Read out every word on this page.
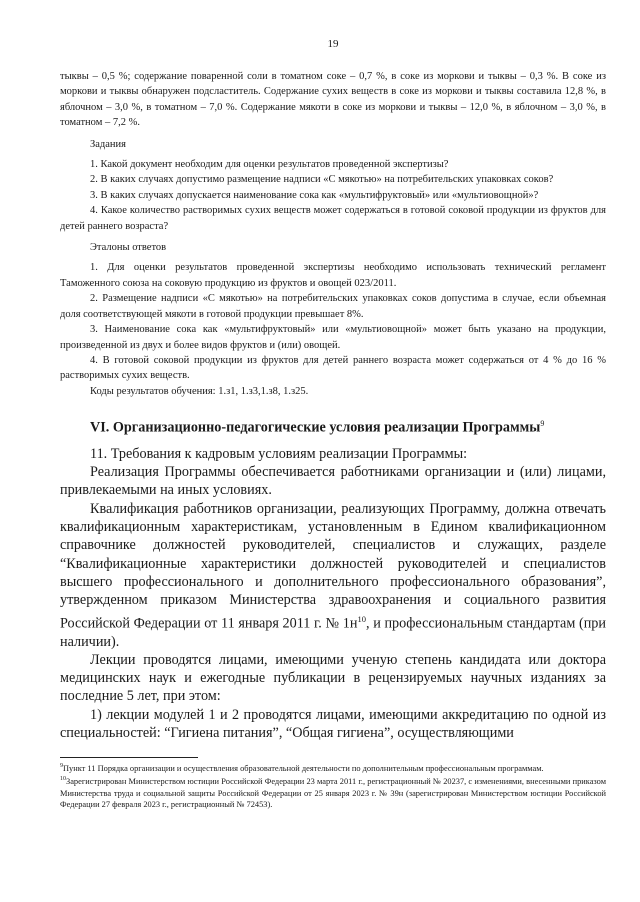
19

тыквы – 0,5 %; содержание поваренной соли в томатном соке – 0,7 %, в соке из моркови и тыквы – 0,3 %. В соке из моркови и тыквы обнаружен подсластитель. Содержание сухих веществ в соке из моркови и тыквы составила 12,8 %, в яблочном – 3,0 %, в томатном – 7,0 %. Содержание мякоти в соке из моркови и тыквы – 12,0 %, в яблочном – 3,0 %, в томатном – 7,2 %.

Задания

1. Какой документ необходим для оценки результатов проведенной экспертизы?

2. В каких случаях допустимо размещение надписи «С мякотью» на потребительских упаковках соков?

3. В каких случаях допускается наименование сока как «мультифруктовый» или «мультиовощной»?

4. Какое количество растворимых сухих веществ может содержаться в готовой соковой продукции из фруктов для детей раннего возраста?

Эталоны ответов

1. Для оценки результатов проведенной экспертизы необходимо использовать технический регламент Таможенного союза на соковую продукцию из фруктов и овощей 023/2011.

2. Размещение надписи «С мякотью» на потребительских упаковках соков допустима в случае, если объемная доля соответствующей мякоти в готовой продукции превышает 8%.

3. Наименование сока как «мультифруктовый» или «мультиовощной» может быть указано на продукции, произведенной из двух и более видов фруктов и (или) овощей.

4. В готовой соковой продукции из фруктов для детей раннего возраста может содержаться от 4 % до 16 % растворимых сухих веществ.

Коды результатов обучения: 1.з1, 1.з3,1.з8, 1.з25.

VI. Организационно-педагогические условия реализации Программы$^9$

11. Требования к кадровым условиям реализации Программы:

Реализация Программы обеспечивается работниками организации и (или) лицами, привлекаемыми на иных условиях.

Квалификация работников организации, реализующих Программу, должна отвечать квалификационным характеристикам, установленным в Едином квалификационном справочнике должностей руководителей, специалистов и служащих, разделе “Квалификационные характеристики должностей руководителей и специалистов высшего профессионального и дополнительного профессионального образования”, утвержденном приказом Министерства здравоохранения и социального развития Российской Федерации от 11 января 2011 г. № $1н^{10}$, и профессиональным стандартам (при наличии).

Лекции проводятся лицами, имеющими ученую степень кандидата или доктора медицинских наук и ежегодные публикации в рецензируемых научных изданиях за последние 5 лет, при этом:

1) лекции модулей 1 и 2 проводятся лицами, имеющими аккредитацию по одной из специальностей: “Гигиена питания”, “Общая гигиена”, осуществляющими

$^9$Пункт 11 Порядка организации и осуществления образовательной деятельности по дополнительным профессиональным программам.

$^{10}$Зарегистрирован Министерством юстиции Российской Федерации 23 марта 2011 г., регистрационный № 20237, с изменениями, внесенными приказом Министерства труда и социальной защиты Российской Федерации от 25 января 2023 г. № 39н (зарегистрирован Министерством юстиции Российской Федерации 27 февраля 2023 г., регистрационный № 72453).
